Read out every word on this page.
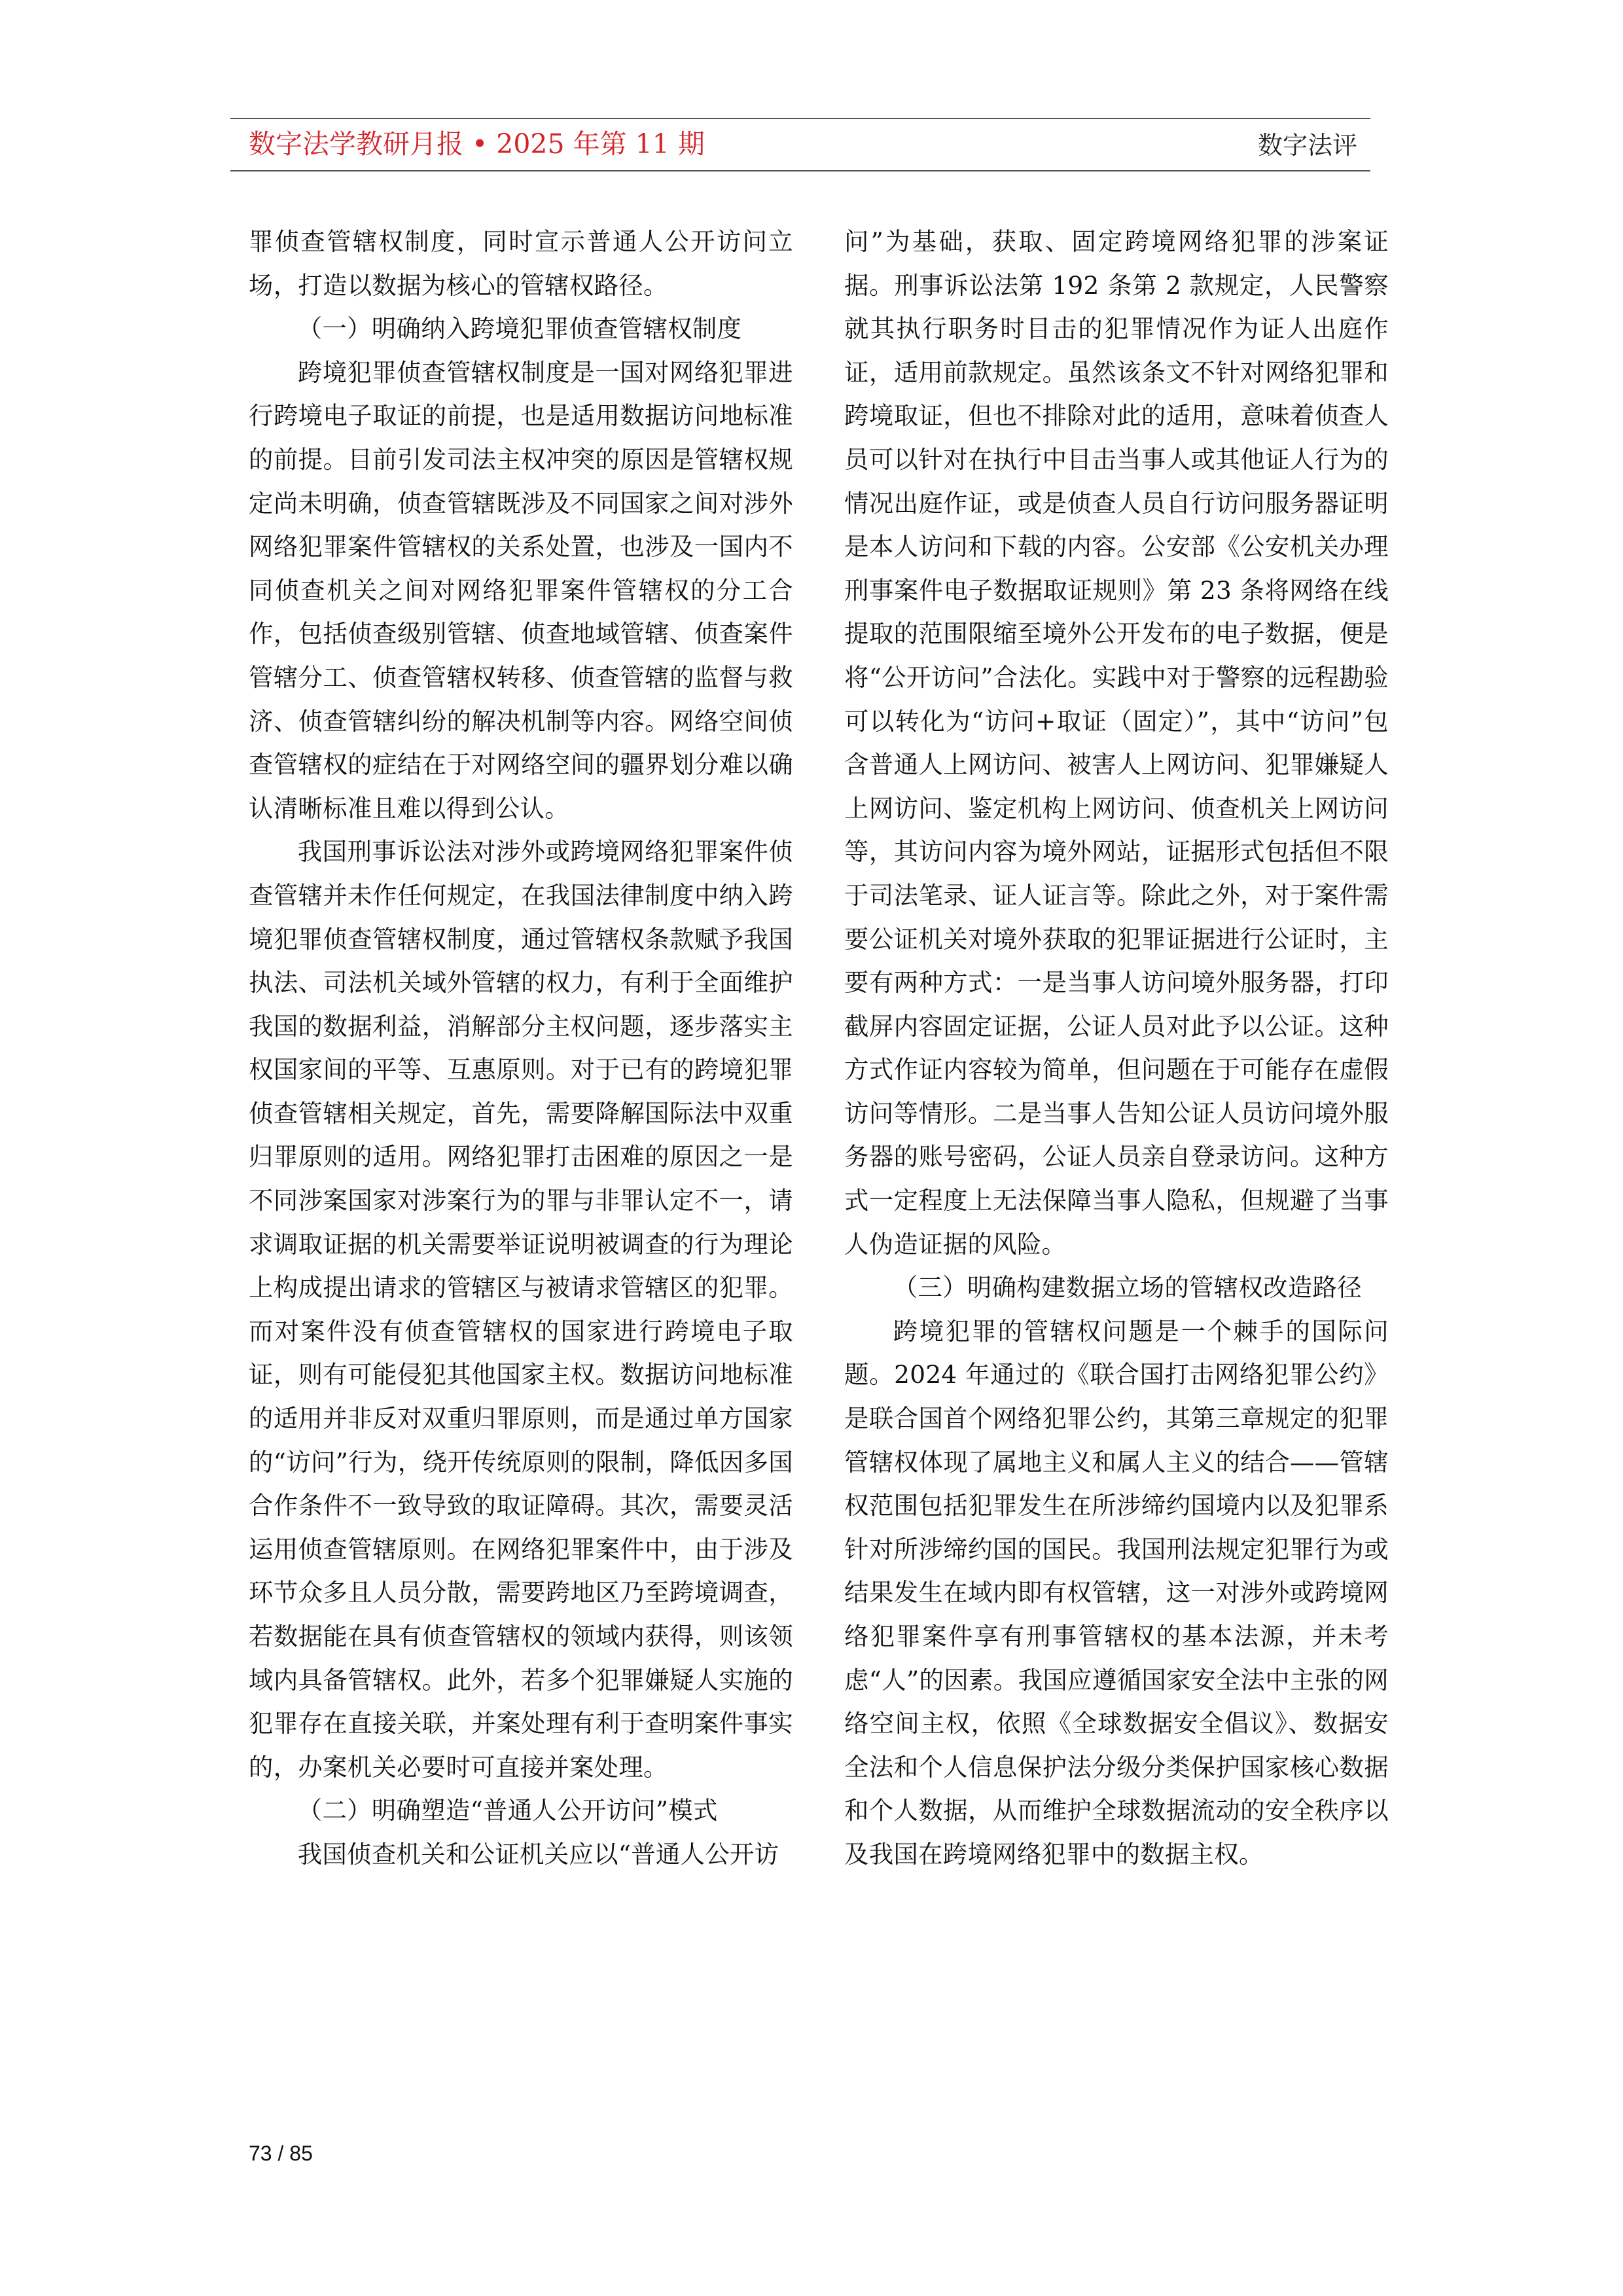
数字法学教研月报 • 2025 年第 11 期	数字法评

罪侦查管辖权制度，同时宣示普通人公开访问立场，打造以数据为核心的管辖权路径。

（一）明确纳入跨境犯罪侦查管辖权制度

跨境犯罪侦查管辖权制度是一国对网络犯罪进行跨境电子取证的前提，也是适用数据访问地标准的前提。目前引发司法主权冲突的原因是管辖权规定尚未明确，侦查管辖既涉及不同国家之间对涉外网络犯罪案件管辖权的关系处置，也涉及一国内不同侦查机关之间对网络犯罪案件管辖权的分工合作，包括侦查级别管辖、侦查地域管辖、侦查案件管辖分工、侦查管辖权转移、侦查管辖的监督与救济、侦查管辖纠纷的解决机制等内容。网络空间侦查管辖权的症结在于对网络空间的疆界划分难以确认清晰标准且难以得到公认。

我国刑事诉讼法对涉外或跨境网络犯罪案件侦查管辖并未作任何规定，在我国法律制度中纳入跨境犯罪侦查管辖权制度，通过管辖权条款赋予我国执法、司法机关域外管辖的权力，有利于全面维护我国的数据利益，消解部分主权问题，逐步落实主权国家间的平等、互惠原则。对于已有的跨境犯罪侦查管辖相关规定，首先，需要降解国际法中双重归罪原则的适用。网络犯罪打击困难的原因之一是不同涉案国家对涉案行为的罪与非罪认定不一，请求调取证据的机关需要举证说明被调查的行为理论上构成提出请求的管辖区与被请求管辖区的犯罪。而对案件没有侦查管辖权的国家进行跨境电子取证，则有可能侵犯其他国家主权。数据访问地标准的适用并非反对双重归罪原则，而是通过单方国家的“访问”行为，绕开传统原则的限制，降低因多国合作条件不一致导致的取证障碍。其次，需要灵活运用侦查管辖原则。在网络犯罪案件中，由于涉及环节众多且人员分散，需要跨地区乃至跨境调查，若数据能在具有侦查管辖权的领域内获得，则该领域内具备管辖权。此外，若多个犯罪嫌疑人实施的犯罪存在直接关联，并案处理有利于查明案件事实的，办案机关必要时可直接并案处理。

（二）明确塑造“普通人公开访问”模式

我国侦查机关和公证机关应以“普通人公开访

问”为基础，获取、固定跨境网络犯罪的涉案证据。刑事诉讼法第 192 条第 2 款规定，人民警察就其执行职务时目击的犯罪情况作为证人出庭作证，适用前款规定。虽然该条文不针对网络犯罪和跨境取证，但也不排除对此的适用，意味着侦查人员可以针对在执行中目击当事人或其他证人行为的情况出庭作证，或是侦查人员自行访问服务器证明是本人访问和下载的内容。公安部《公安机关办理刑事案件电子数据取证规则》第 23 条将网络在线提取的范围限缩至境外公开发布的电子数据，便是将“公开访问”合法化。实践中对于警察的远程勘验可以转化为“访问+取证（固定）”，其中“访问”包含普通人上网访问、被害人上网访问、犯罪嫌疑人上网访问、鉴定机构上网访问、侦查机关上网访问等，其访问内容为境外网站，证据形式包括但不限于司法笔录、证人证言等。除此之外，对于案件需要公证机关对境外获取的犯罪证据进行公证时，主要有两种方式：一是当事人访问境外服务器，打印截屏内容固定证据，公证人员对此予以公证。这种方式作证内容较为简单，但问题在于可能存在虚假访问等情形。二是当事人告知公证人员访问境外服务器的账号密码，公证人员亲自登录访问。这种方式一定程度上无法保障当事人隐私，但规避了当事人伪造证据的风险。

（三）明确构建数据立场的管辖权改造路径

跨境犯罪的管辖权问题是一个棘手的国际问题。2024 年通过的《联合国打击网络犯罪公约》是联合国首个网络犯罪公约，其第三章规定的犯罪管辖权体现了属地主义和属人主义的结合——管辖权范围包括犯罪发生在所涉缔约国境内以及犯罪系针对所涉缔约国的国民。我国刑法规定犯罪行为或结果发生在域内即有权管辖，这一对涉外或跨境网络犯罪案件享有刑事管辖权的基本法源，并未考虑“人”的因素。我国应遵循国家安全法中主张的网络空间主权，依照《全球数据安全倡议》、数据安全法和个人信息保护法分级分类保护国家核心数据和个人数据，从而维护全球数据流动的安全秩序以及我国在跨境网络犯罪中的数据主权。

73 / 85
